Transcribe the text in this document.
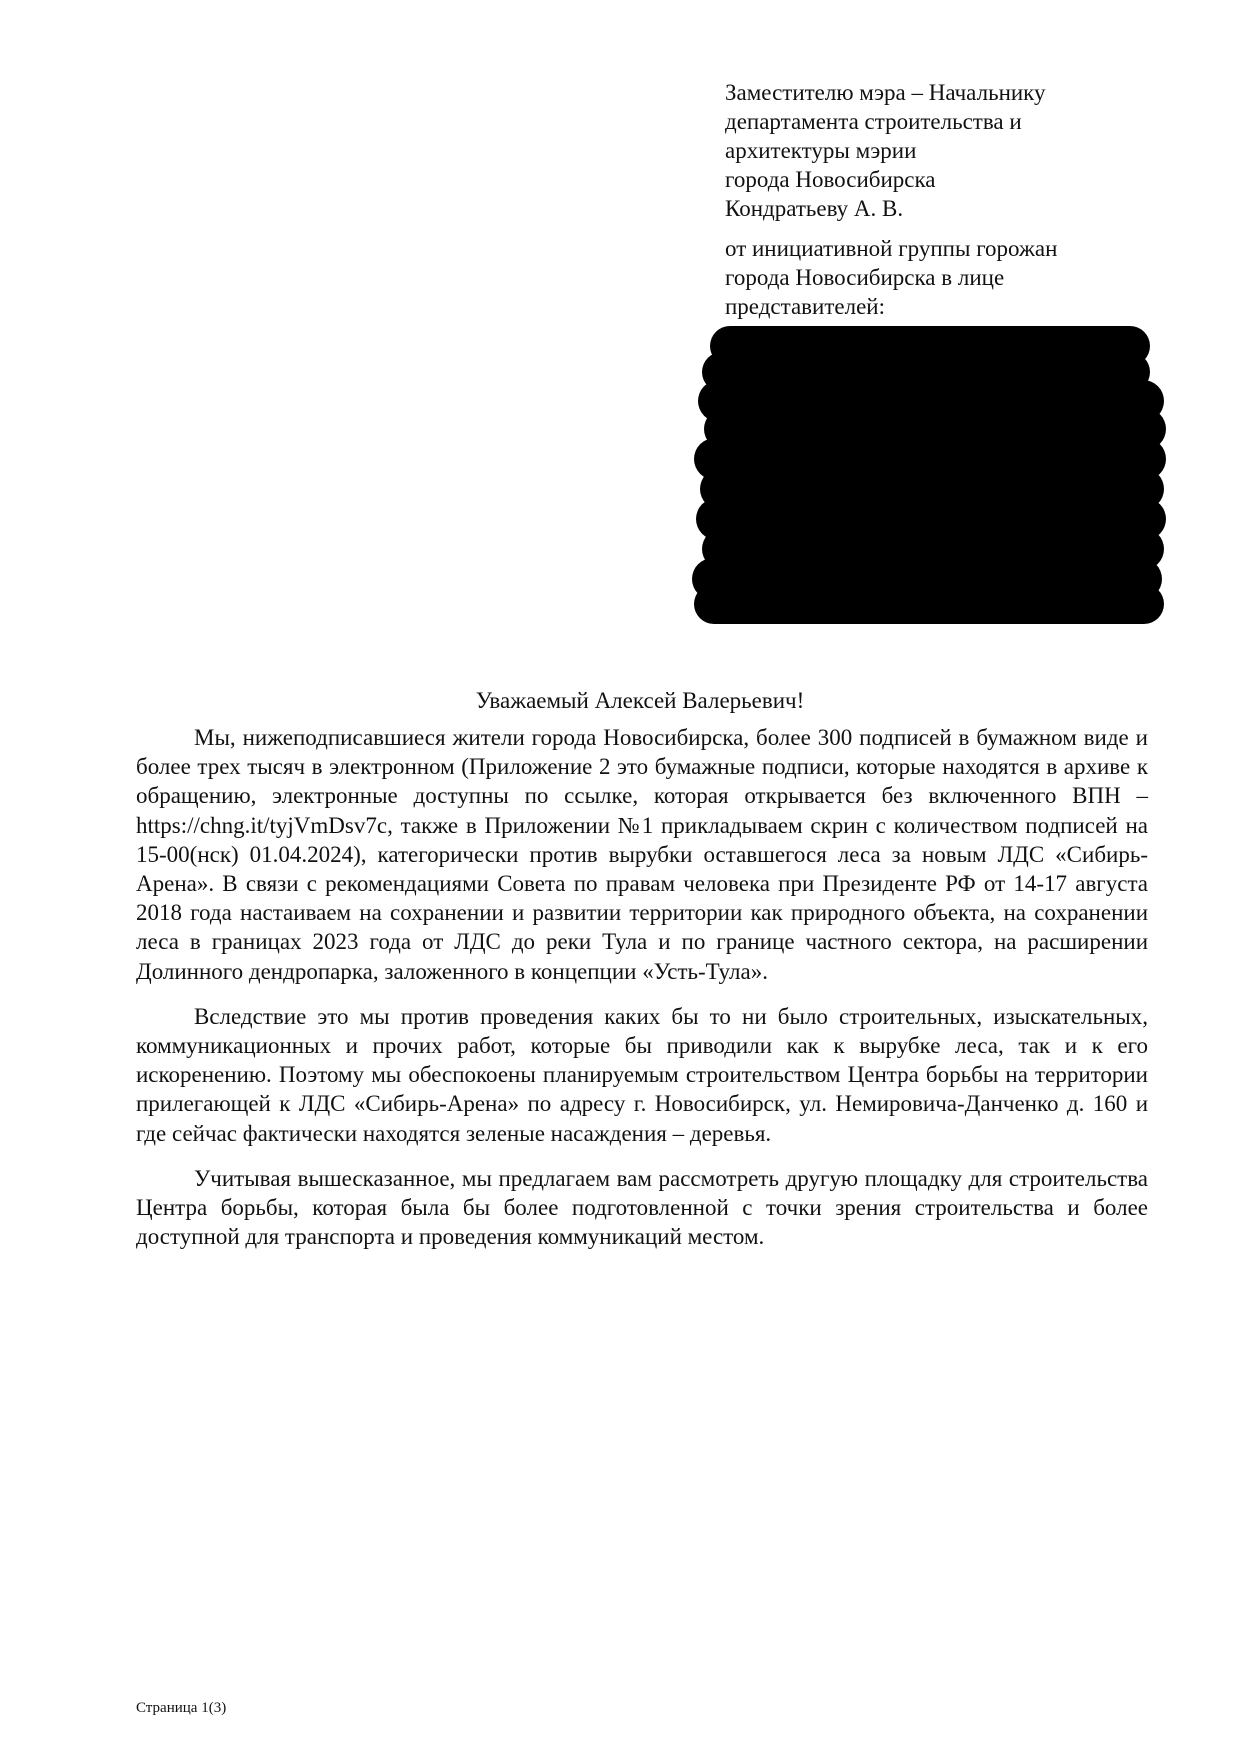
Заместителю мэра – Начальнику
департамента строительства и
архитектуры мэрии
города Новосибирска
Кондратьеву А. В.
от инициативной группы горожан
города Новосибирска в лице
представителей:
Уважаемый Алексей Валерьевич!

Мы, нижеподписавшиеся жители города Новосибирска, более 300 подписей в бумажном виде и более трех тысяч в электронном (Приложение 2 это бумажные подписи, которые находятся в архиве к обращению, электронные доступны по ссылке, которая открывается без включенного ВПН – https://chng.it/tyjVmDsv7c, также в Приложении №1 прикладываем скрин с количеством подписей на 15-00(нск) 01.04.2024), категорически против вырубки оставшегося леса за новым ЛДС «Сибирь-Арена». В связи с рекомендациями Совета по правам человека при Президенте РФ от 14-17 августа 2018 года настаиваем на сохранении и развитии территории как природного объекта, на сохранении леса в границах 2023 года от ЛДС до реки Тула и по границе частного сектора, на расширении Долинного дендропарка, заложенного в концепции «Усть-Тула».

Вследствие это мы против проведения каких бы то ни было строительных, изыскательных, коммуникационных и прочих работ, которые бы приводили как к вырубке леса, так и к его искоренению. Поэтому мы обеспокоены планируемым строительством Центра борьбы на территории прилегающей к ЛДС «Сибирь-Арена» по адресу г. Новосибирск, ул. Немировича-Данченко д. 160 и где сейчас фактически находятся зеленые насаждения – деревья.

Учитывая вышесказанное, мы предлагаем вам рассмотреть другую площадку для строительства Центра борьбы, которая была бы более подготовленной с точки зрения строительства и более доступной для транспорта и проведения коммуникаций местом.

Страница 1(3)
